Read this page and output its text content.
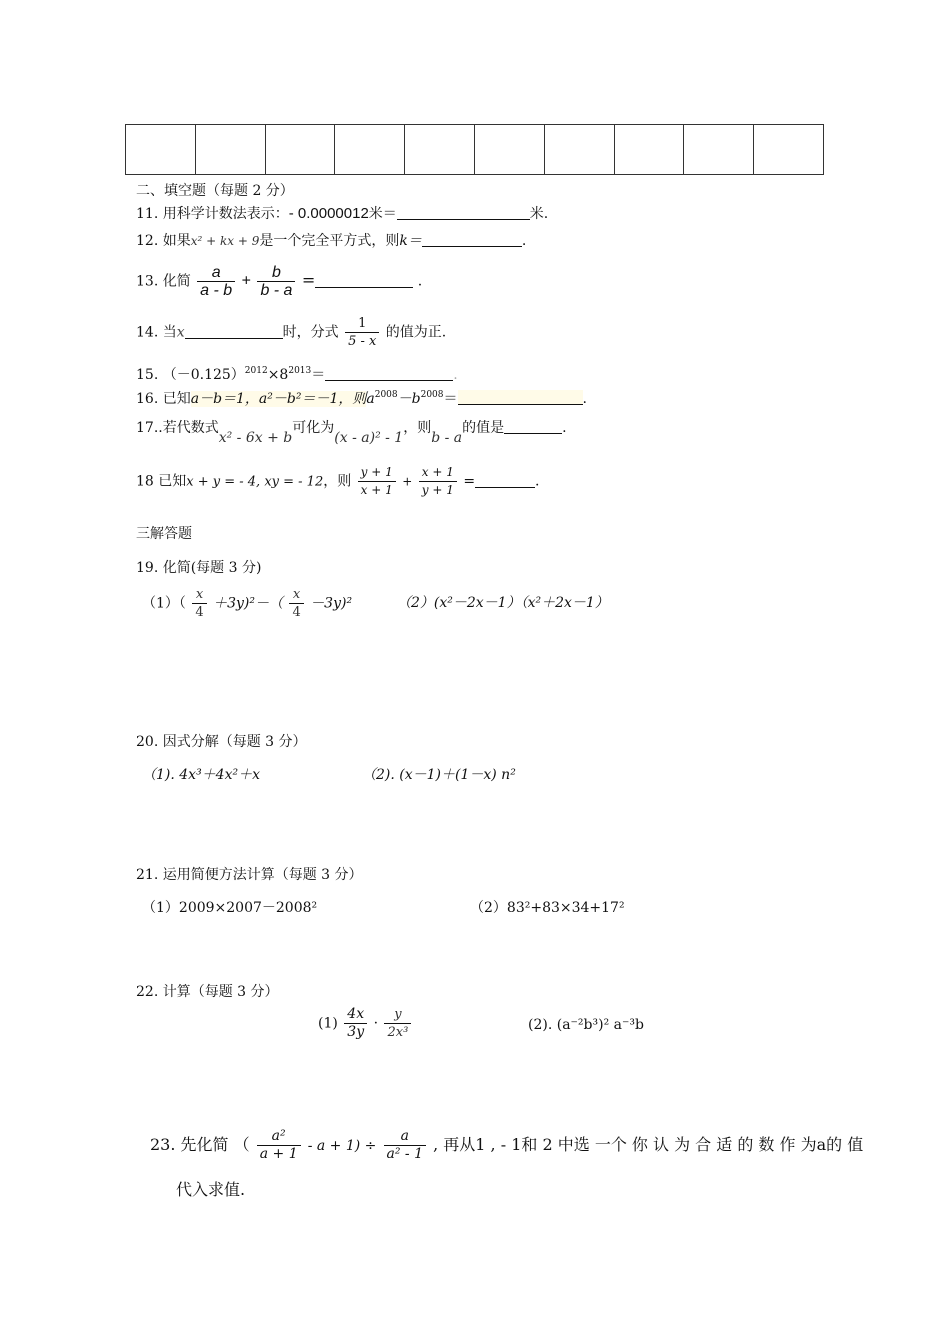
二、填空题（每题 2 分）
11. 用科学计数法表示：- 0.0000012米＝	米.
12. 如果x² + kx + 9是一个完全平方式，则k＝	.
13. 化简 $\frac{a}{a - b} + \frac{b}{b - a}$ =	.
14. 当x	时，分式 $\frac{1}{5 - x}$ 的值为正.
15. $(-0.125)^{2012}\times 8^{2013}=$	.
16. 已知a－b＝1，a²－b²＝－1，则$a^{2008}-b^{2008}=$	.
17..若代数式x² - 6x + b可化为(x - a)² - 1，则b - a的值是	.
18 已知x + y = - 4, xy = - 12，则 $\frac{y + 1}{x + 1} + \frac{x + 1}{y + 1}$ =	.
三解答题
19. 化简(每题 3 分)
$(1)( \frac{x}{4} +3y)^2-( \frac{x}{4} -3y)^2$	（2）(x²－2x－1）（x²＋2x－1）
20. 因式分解（每题 3 分）
（1). 4x³＋4x²＋x	（2). (x－1)＋(1－x) n²
21. 运用简便方法计算（每题 3 分）
（1）2009×2007－2008²	（2）83²+83×34+17²
22. 计算（每题 3 分）
$(1) \frac{4x}{3y} \cdot \frac{y}{\text{2x³}}$	(2). (a⁻²b³)² a⁻³b
23. 先化简 （ $\frac{\text{a²}}{a + 1} - a + 1) \div \frac{a}{\text{a² - 1}}$ , 再从1 , - 1和 2 中选 一个 你 认 为 合 适 的 数 作 为a的 值
代入求值.
